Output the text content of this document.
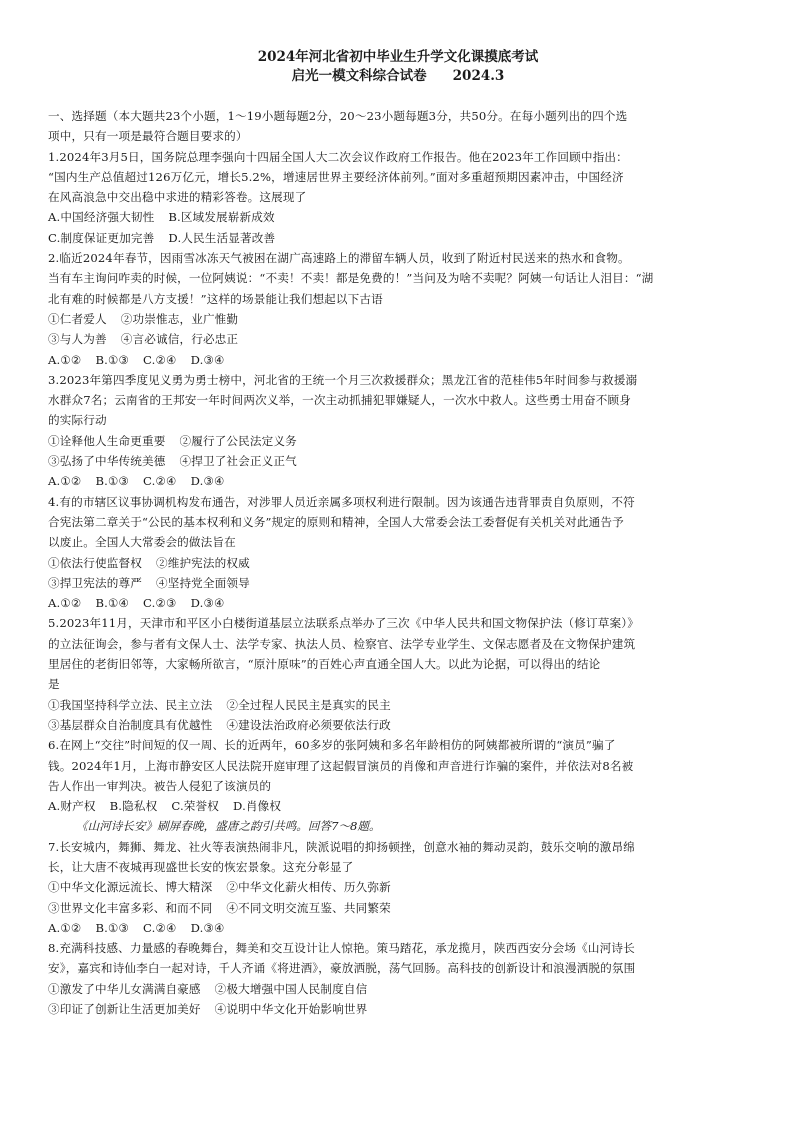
2024年河北省初中毕业生升学文化课摸底考试

启光一模文科综合试卷 2024.3

一、选择题（本大题共23个小题，1～19小题每题2分，20～23小题每题3分，共50分。在每小题列出的四个选

项中，只有一项是最符合题目要求的）

1.2024年3月5日，国务院总理李强向十四届全国人大二次会议作政府工作报告。他在2023年工作回顾中指出：

“国内生产总值超过126万亿元，增长5.2%，增速居世界主要经济体前列。”面对多重超预期因素冲击，中国经济

在风高浪急中交出稳中求进的精彩答卷。这展现了

A.中国经济强大韧性 B.区域发展崭新成效

C.制度保证更加完善 D.人民生活显著改善

2.临近2024年春节，因雨雪冰冻天气被困在湖广高速路上的滞留车辆人员，收到了附近村民送来的热水和食物。

当有车主询问咋卖的时候，一位阿姨说：“不卖！不卖！都是免费的！”当问及为啥不卖呢？阿姨一句话让人泪目：“湖

北有难的时候都是八方支援！”这样的场景能让我们想起以下古语

①仁者爱人 ②功崇惟志，业广惟勤

③与人为善 ④言必诚信，行必忠正

A.①② B.①③ C.②④ D.③④

3.2023年第四季度见义勇为勇士榜中，河北省的王统一个月三次救援群众；黑龙江省的范桂伟5年时间参与救援溺

水群众7名；云南省的王邦安一年时间两次义举，一次主动抓捕犯罪嫌疑人，一次水中救人。这些勇士用奋不顾身

的实际行动

①诠释他人生命更重要 ②履行了公民法定义务

③弘扬了中华传统美德 ④捍卫了社会正义正气

A.①② B.①③ C.②④ D.③④

4.有的市辖区议事协调机构发布通告，对涉罪人员近亲属多项权利进行限制。因为该通告违背罪责自负原则，不符

合宪法第二章关于“公民的基本权利和义务”规定的原则和精神，全国人大常委会法工委督促有关机关对此通告予

以废止。全国人大常委会的做法旨在

①依法行使监督权 ②维护宪法的权威

③捍卫宪法的尊严 ④坚持党全面领导

A.①② B.①④ C.②③ D.③④

5.2023年11月，天津市和平区小白楼街道基层立法联系点举办了三次《中华人民共和国文物保护法（修订草案）》

的立法征询会，参与者有文保人士、法学专家、执法人员、检察官、法学专业学生、文保志愿者及在文物保护建筑

里居住的老街旧邻等，大家畅所欲言，“原汁原味”的百姓心声直通全国人大。以此为论据，可以得出的结论

是

①我国坚持科学立法、民主立法 ②全过程人民民主是真实的民主

③基层群众自治制度具有优越性 ④建设法治政府必须要依法行政

6.在网上“交往”时间短的仅一周、长的近两年，60多岁的张阿姨和多名年龄相仿的阿姨都被所谓的“演员”骗了

钱。2024年1月，上海市静安区人民法院开庭审理了这起假冒演员的肖像和声音进行诈骗的案件，并依法对8名被

告人作出一审判决。被告人侵犯了该演员的

A.财产权 B.隐私权 C.荣誉权 D.肖像权

《山河诗长安》刷屏春晚，盛唐之韵引共鸣。回答7～8题。

7.长安城内，舞狮、舞龙、社火等表演热闹非凡，陕派说唱的抑扬顿挫，创意水袖的舞动灵韵，鼓乐交响的激昂绵

长，让大唐不夜城再现盛世长安的恢宏景象。这充分彰显了

①中华文化源远流长、博大精深 ②中华文化薪火相传、历久弥新

③世界文化丰富多彩、和而不同 ④不同文明交流互鉴、共同繁荣

A.①② B.①③ C.②④ D.③④

8.充满科技感、力量感的春晚舞台，舞美和交互设计让人惊艳。策马踏花，承龙揽月，陕西西安分会场《山河诗长

安》，嘉宾和诗仙李白一起对诗，千人齐诵《将进酒》，豪放洒脱，荡气回肠。高科技的创新设计和浪漫洒脱的氛围

①激发了中华儿女满满自豪感 ②极大增强中国人民制度自信

③印证了创新让生活更加美好 ④说明中华文化开始影响世界
